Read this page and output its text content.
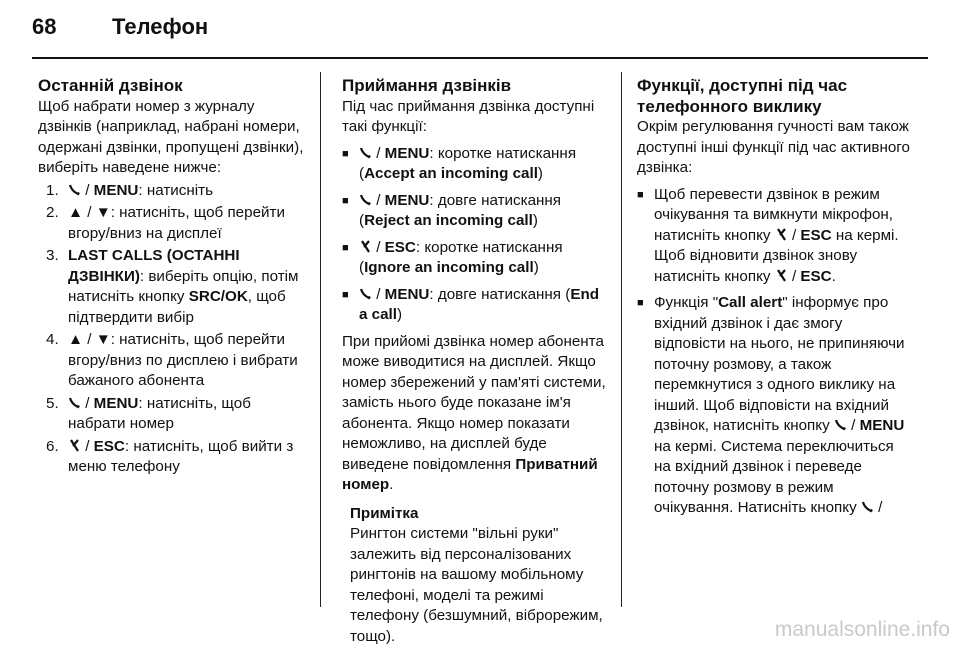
68	Телефон
Останній дзвінок
Щоб набрати номер з журналу дзвінків (наприклад, набрані номери, одержані дзвінки, пропущені дзвінки), виберіть наведене нижче:
1. / MENU: натисніть
2. ▲ / ▼: натисніть, щоб перейти вгору/вниз на дисплеї
3. LAST CALLS (ОСТАННІ ДЗВІНКИ): виберіть опцію, потім натисніть кнопку SRC/OK, щоб підтвердити вибір
4. ▲ / ▼: натисніть, щоб перейти вгору/вниз по дисплею і вибрати бажаного абонента
5. / MENU: натисніть, щоб набрати номер
6. / ESC: натисніть, щоб вийти з меню телефону
Приймання дзвінків
Під час приймання дзвінка доступні такі функції:
■ / MENU: коротке натискання (Accept an incoming call)
■ / MENU: довге натискання (Reject an incoming call)
■ / ESC: коротке натискання (Ignore an incoming call)
■ / MENU: довге натискання (End a call)
При прийомі дзвінка номер абонента може виводитися на дисплей. Якщо номер збережений у пам'яті системи, замість нього буде показане ім'я абонента. Якщо номер показати неможливо, на дисплей буде виведене повідомлення Приватний номер.
Примітка
Рингтон системи "вільні руки" залежить від персоналізованих рингтонів на вашому мобільному телефоні, моделі та режимі телефону (безшумний, віброрежим, тощо).
Функції, доступні під час телефонного виклику
Окрім регулювання гучності вам також доступні інші функції під час активного дзвінка:
■ Щоб перевести дзвінок в режим очікування та вимкнути мікрофон, натисніть кнопку  / ESC на кермі. Щоб відновити дзвінок знову натисніть кнопку  / ESC.
■ Функція "Call alert" інформує про вхідний дзвінок і дає змогу відповісти на нього, не припиняючи поточну розмову, а також перемкнутися з одного виклику на інший. Щоб відповісти на вхідний дзвінок, натисніть кнопку  / MENU на кермі. Система переключиться на вхідний дзвінок і переведе поточну розмову в режим очікування. Натисніть кнопку  /
manualsonline.info
